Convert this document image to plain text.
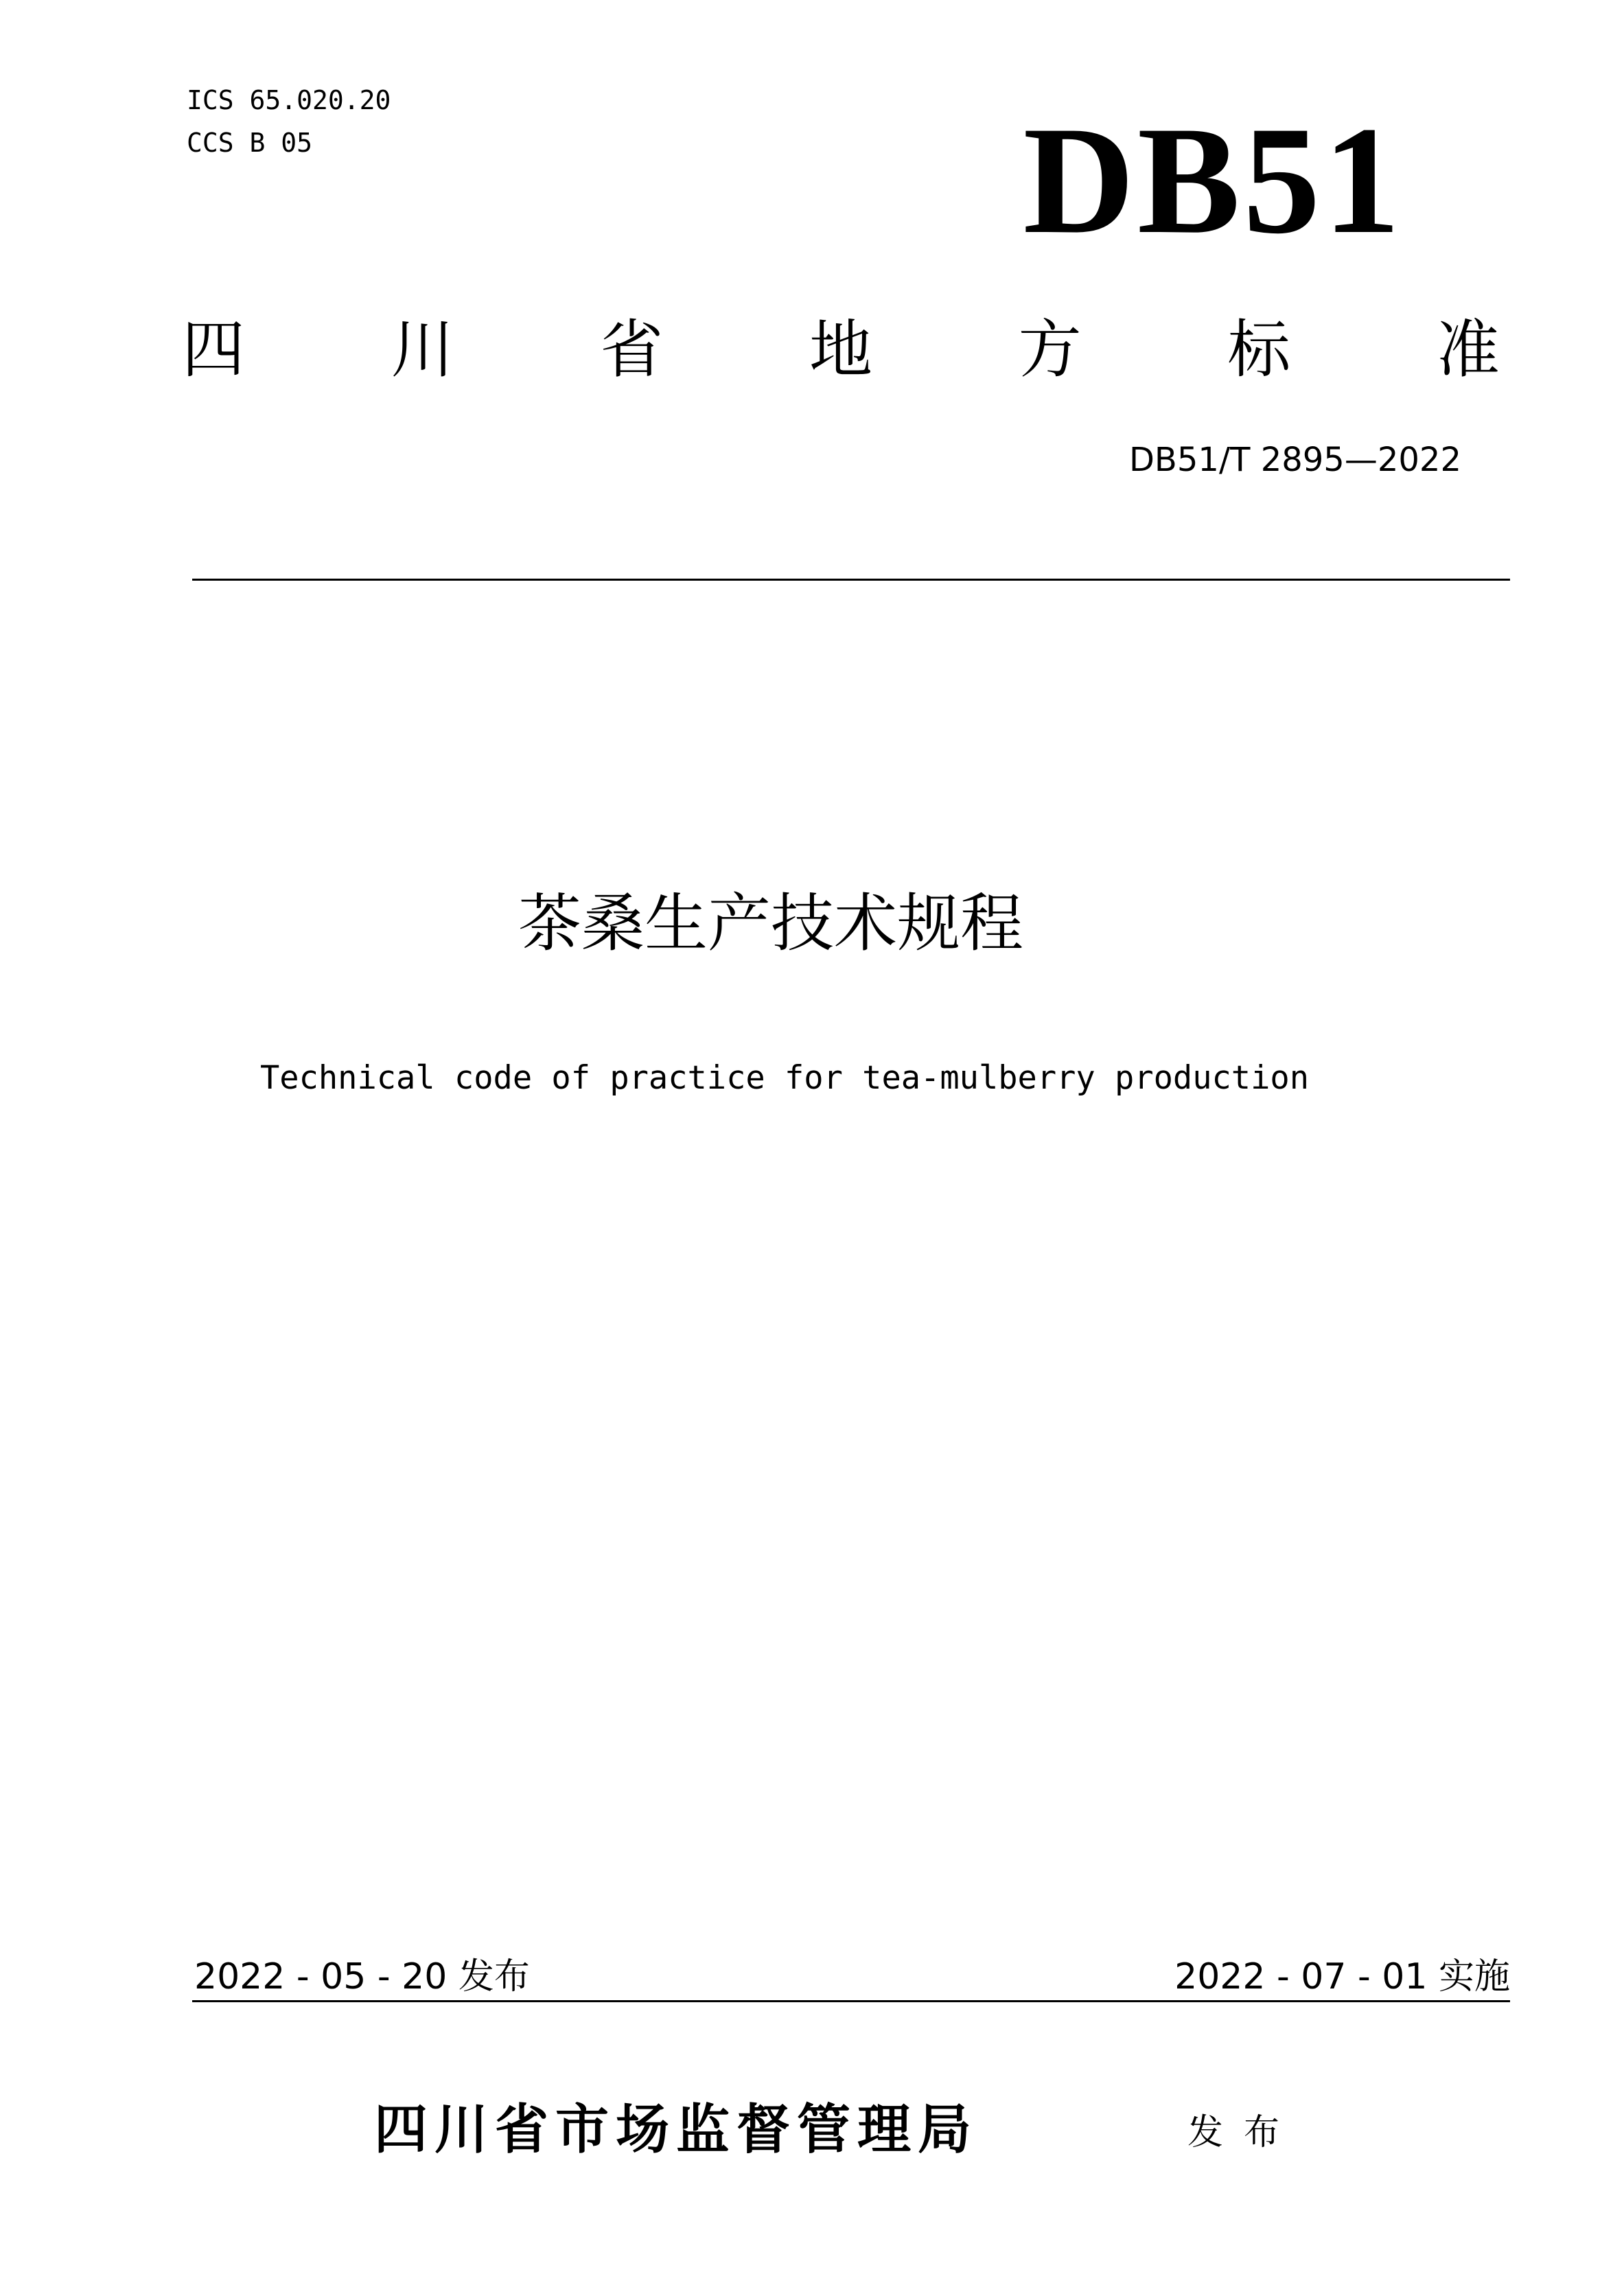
ICS 65.020.20
CCS B 05	DB51
四 川 省 地 方 标 准
DB51/T 2895—2022
茶桑生产技术规程
Technical code of practice for tea-mulberry production
2022 - 05 - 20 发布	2022 - 07 - 01 实施
四川省市场监督管理局	发布
